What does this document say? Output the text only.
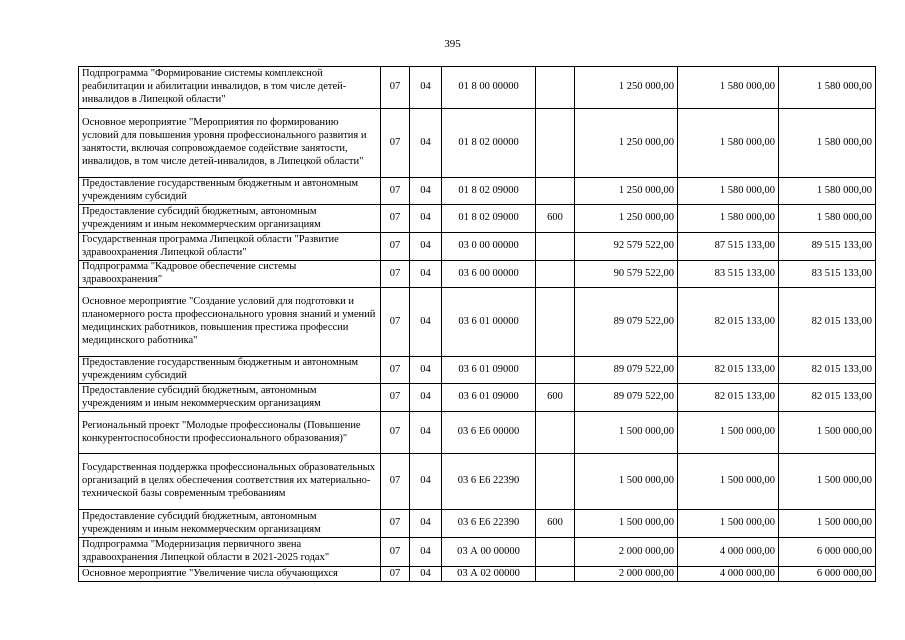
395
Подпрограмма "Формирование системы комплексной реабилитации и абилитации инвалидов, в том числе детей-инвалидов в Липецкой области"	07	04	01 8 00 00000		1 250 000,00	1 580 000,00	1 580 000,00
Основное мероприятие "Мероприятия по формированию условий для повышения уровня профессионального развития и занятости, включая сопровождаемое содействие занятости, инвалидов, в том числе детей-инвалидов, в Липецкой области"	07	04	01 8 02 00000		1 250 000,00	1 580 000,00	1 580 000,00
Предоставление государственным бюджетным и автономным учреждениям субсидий	07	04	01 8 02 09000		1 250 000,00	1 580 000,00	1 580 000,00
Предоставление субсидий бюджетным, автономным учреждениям и иным некоммерческим организациям	07	04	01 8 02 09000	600	1 250 000,00	1 580 000,00	1 580 000,00
Государственная программа Липецкой области "Развитие здравоохранения Липецкой области"	07	04	03 0 00 00000		92 579 522,00	87 515 133,00	89 515 133,00
Подпрограмма "Кадровое обеспечение системы здравоохранения"	07	04	03 6 00 00000		90 579 522,00	83 515 133,00	83 515 133,00
Основное мероприятие "Создание условий для подготовки и планомерного роста профессионального уровня знаний и умений медицинских работников, повышения престижа профессии медицинского работника"	07	04	03 6 01 00000		89 079 522,00	82 015 133,00	82 015 133,00
Предоставление государственным бюджетным и автономным учреждениям субсидий	07	04	03 6 01 09000		89 079 522,00	82 015 133,00	82 015 133,00
Предоставление субсидий бюджетным, автономным учреждениям и иным некоммерческим организациям	07	04	03 6 01 09000	600	89 079 522,00	82 015 133,00	82 015 133,00
Региональный проект "Молодые профессионалы (Повышение конкурентоспособности профессионального образования)"	07	04	03 6 Е6 00000		1 500 000,00	1 500 000,00	1 500 000,00
Государственная поддержка профессиональных образовательных организаций в целях обеспечения соответствия их материально-технической базы современным требованиям	07	04	03 6 Е6 22390		1 500 000,00	1 500 000,00	1 500 000,00
Предоставление субсидий бюджетным, автономным учреждениям и иным некоммерческим организациям	07	04	03 6 Е6 22390	600	1 500 000,00	1 500 000,00	1 500 000,00
Подпрограмма "Модернизация первичного звена здравоохранения Липецкой области в 2021-2025 годах"	07	04	03 А 00 00000		2 000 000,00	4 000 000,00	6 000 000,00
Основное мероприятие "Увеличение числа обучающихся	07	04	03 А 02 00000		2 000 000,00	4 000 000,00	6 000 000,00
